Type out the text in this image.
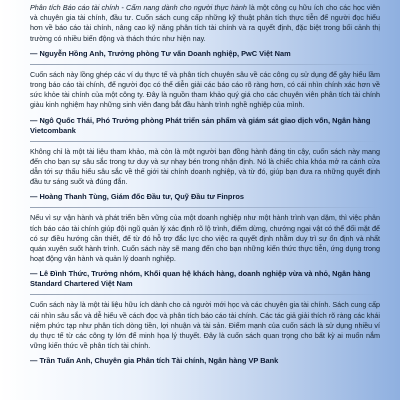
Phân tích Báo cáo tài chính - Cẩm nang dành cho người thực hành là một công cụ hữu ích cho các học viên và chuyên gia tài chính, đầu tư. Cuốn sách cung cấp những kỹ thuật phân tích thực tiễn để người đọc hiểu hơn về báo cáo tài chính, nâng cao kỹ năng phân tích tài chính và ra quyết định, đặc biệt trong bối cảnh thị trường có nhiều biến động và thách thức như hiện nay.

— Nguyễn Hồng Anh, Trưởng phòng Tư vấn Doanh nghiệp, PwC Việt Nam

Cuốn sách này lồng ghép các ví dụ thực tế và phân tích chuyên sâu về các công cụ sử dụng để gây hiểu lầm trong báo cáo tài chính, để người đọc có thể diễn giải các báo cáo rõ ràng hơn, có cái nhìn chính xác hơn về sức khỏe tài chính của một công ty. Đây là nguồn tham khảo quý giá cho các chuyên viên phân tích tài chính giàu kinh nghiệm hay những sinh viên đang bắt đầu hành trình nghề nghiệp của mình.

— Ngô Quốc Thái, Phó Trưởng phòng Phát triển sản phẩm và giám sát giao dịch vốn, Ngân hàng Vietcombank

Không chỉ là một tài liệu tham khảo, mà còn là một người bạn đồng hành đáng tin cậy, cuốn sách này mang đến cho bạn sự sâu sắc trong tư duy và sự nhạy bén trong nhận định. Nó là chiếc chìa khóa mở ra cánh cửa dẫn tới sự thấu hiểu sâu sắc về thế giới tài chính doanh nghiệp, và từ đó, giúp bạn đưa ra những quyết định đầu tư sáng suốt và đúng đắn.

— Hoàng Thanh Tùng, Giám đốc Đầu tư, Quỹ Đầu tư Finpros

Nếu vì sự vận hành và phát triển bền vững của một doanh nghiệp như một hành trình vạn dặm, thì việc phân tích báo cáo tài chính giúp đội ngũ quản lý xác định rõ lộ trình, điểm dừng, chướng ngại vật có thể đối mặt để có sự điều hướng cần thiết, để từ đó hỗ trợ đắc lực cho việc ra quyết định nhằm duy trì sự ổn định và nhất quán xuyên suốt hành trình. Cuốn sách này sẽ mang đến cho bạn những kiến thức thực tiễn, ứng dụng trong hoạt động vận hành và quản lý doanh nghiệp.

— Lê Đình Thức, Trưởng nhóm, Khối quan hệ khách hàng, doanh nghiệp vừa và nhỏ, Ngân hàng Standard Chartered Việt Nam

Cuốn sách này là một tài liệu hữu ích dành cho cả người mới học và các chuyên gia tài chính. Sách cung cấp cái nhìn sâu sắc và dễ hiểu về cách đọc và phân tích báo cáo tài chính. Các tác giả giải thích rõ ràng các khái niệm phức tạp như phân tích dòng tiền, lợi nhuận và tài sản. Điểm mạnh của cuốn sách là sử dụng nhiều ví dụ thực tế từ các công ty lớn để minh họa lý thuyết. Đây là cuốn sách quan trọng cho bất kỳ ai muốn nắm vững kiến thức về phân tích tài chính.

— Trần Tuấn Anh, Chuyên gia Phân tích Tài chính, Ngân hàng VP Bank
